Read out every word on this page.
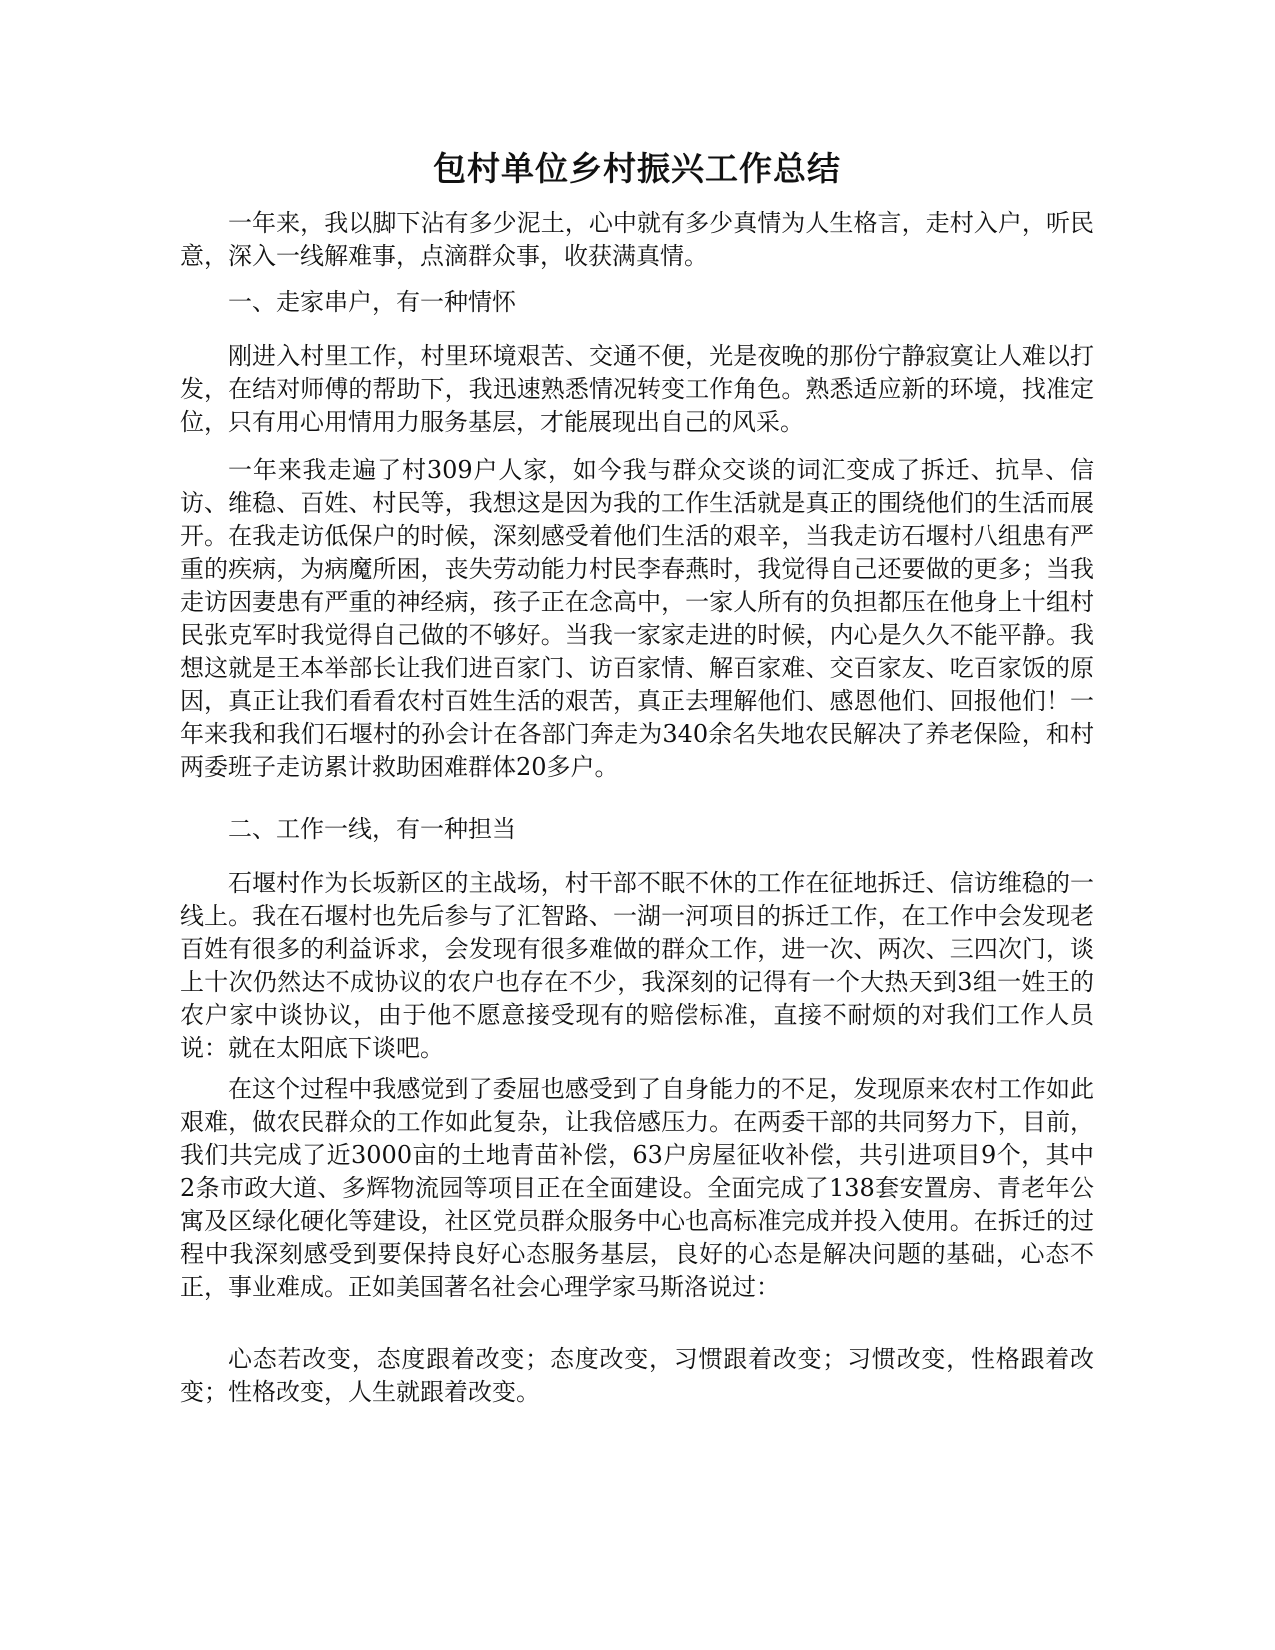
包村单位乡村振兴工作总结

一年来，我以脚下沾有多少泥土，心中就有多少真情为人生格言，走村入户，听民意，深入一线解难事，点滴群众事，收获满真情。

一、走家串户，有一种情怀

刚进入村里工作，村里环境艰苦、交通不便，光是夜晚的那份宁静寂寞让人难以打发，在结对师傅的帮助下，我迅速熟悉情况转变工作角色。熟悉适应新的环境，找准定位，只有用心用情用力服务基层，才能展现出自己的风采。

一年来我走遍了村309户人家，如今我与群众交谈的词汇变成了拆迁、抗旱、信访、维稳、百姓、村民等，我想这是因为我的工作生活就是真正的围绕他们的生活而展开。在我走访低保户的时候，深刻感受着他们生活的艰辛，当我走访石堰村八组患有严重的疾病，为病魔所困，丧失劳动能力村民李春燕时，我觉得自己还要做的更多；当我走访因妻患有严重的神经病，孩子正在念高中，一家人所有的负担都压在他身上十组村民张克军时我觉得自己做的不够好。当我一家家走进的时候，内心是久久不能平静。我想这就是王本举部长让我们进百家门、访百家情、解百家难、交百家友、吃百家饭的原因，真正让我们看看农村百姓生活的艰苦，真正去理解他们、感恩他们、回报他们！一年来我和我们石堰村的孙会计在各部门奔走为340余名失地农民解决了养老保险，和村两委班子走访累计救助困难群体20多户。

二、工作一线，有一种担当

石堰村作为长坂新区的主战场，村干部不眠不休的工作在征地拆迁、信访维稳的一线上。我在石堰村也先后参与了汇智路、一湖一河项目的拆迁工作，在工作中会发现老百姓有很多的利益诉求，会发现有很多难做的群众工作，进一次、两次、三四次门，谈上十次仍然达不成协议的农户也存在不少，我深刻的记得有一个大热天到3组一姓王的农户家中谈协议，由于他不愿意接受现有的赔偿标准，直接不耐烦的对我们工作人员说：就在太阳底下谈吧。

在这个过程中我感觉到了委屈也感受到了自身能力的不足，发现原来农村工作如此艰难，做农民群众的工作如此复杂，让我倍感压力。在两委干部的共同努力下，目前，我们共完成了近3000亩的土地青苗补偿，63户房屋征收补偿，共引进项目9个，其中2条市政大道、多辉物流园等项目正在全面建设。全面完成了138套安置房、青老年公寓及区绿化硬化等建设，社区党员群众服务中心也高标准完成并投入使用。在拆迁的过程中我深刻感受到要保持良好心态服务基层，良好的心态是解决问题的基础，心态不正，事业难成。正如美国著名社会心理学家马斯洛说过：

心态若改变，态度跟着改变；态度改变，习惯跟着改变；习惯改变，性格跟着改变；性格改变，人生就跟着改变。
